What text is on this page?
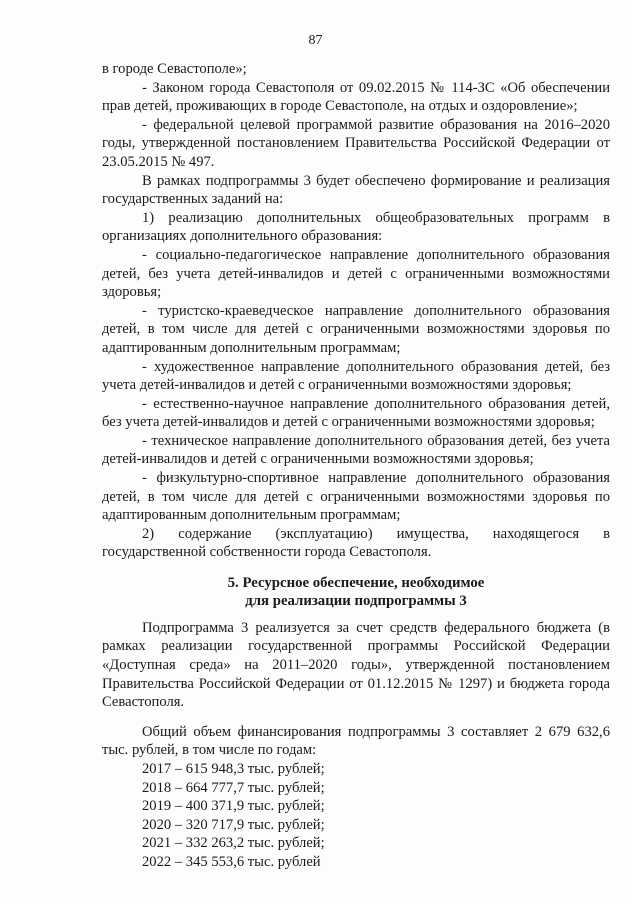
87

в городе Севастополе»;

- Законом города Севастополя от 09.02.2015 № 114-ЗС «Об обеспечении прав детей, проживающих в городе Севастополе, на отдых и оздоровление»;

- федеральной целевой программой развитие образования на 2016–2020 годы, утвержденной постановлением Правительства Российской Федерации от 23.05.2015 № 497.

В рамках подпрограммы 3 будет обеспечено формирование и реализация государственных заданий на:

1) реализацию дополнительных общеобразовательных программ в организациях дополнительного образования:

- социально-педагогическое направление дополнительного образования детей, без учета детей-инвалидов и детей с ограниченными возможностями здоровья;

- туристско-краеведческое направление дополнительного образования детей, в том числе для детей с ограниченными возможностями здоровья по адаптированным дополнительным программам;

- художественное направление дополнительного образования детей, без учета детей-инвалидов и детей с ограниченными возможностями здоровья;

- естественно-научное направление дополнительного образования детей, без учета детей-инвалидов и детей с ограниченными возможностями здоровья;

- техническое направление дополнительного образования детей, без учета детей-инвалидов и детей с ограниченными возможностями здоровья;

- физкультурно-спортивное направление дополнительного образования детей, в том числе для детей с ограниченными возможностями здоровья по адаптированным дополнительным программам;

2) содержание (эксплуатацию) имущества, находящегося в государственной собственности города Севастополя.

5. Ресурсное обеспечение, необходимое
для реализации подпрограммы 3

Подпрограмма 3 реализуется за счет средств федерального бюджета (в рамках реализации государственной программы Российской Федерации «Доступная среда» на 2011–2020 годы», утвержденной постановлением Правительства Российской Федерации от 01.12.2015 № 1297) и бюджета города Севастополя.

Общий объем финансирования подпрограммы 3 составляет 2 679 632,6 тыс. рублей, в том числе по годам:

2017 – 615 948,3 тыс. рублей;
2018 – 664 777,7 тыс. рублей;
2019 – 400 371,9 тыс. рублей;
2020 – 320 717,9 тыс. рублей;
2021 – 332 263,2 тыс. рублей;
2022 – 345 553,6 тыс. рублей
